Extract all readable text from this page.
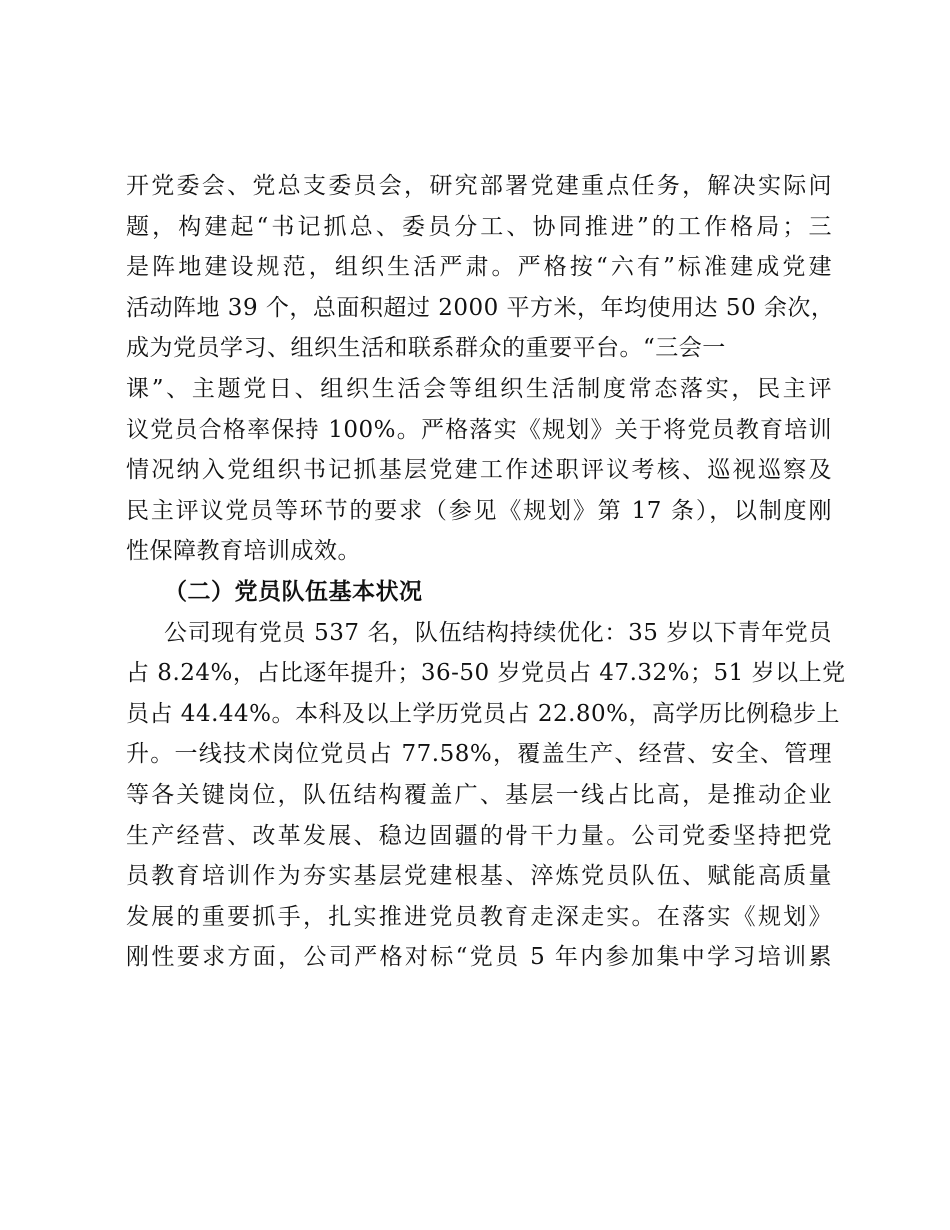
开党委会、党总支委员会，研究部署党建重点任务，解决实际问
题，构建起“书记抓总、委员分工、协同推进”的工作格局；三
是阵地建设规范，组织生活严肃。严格按“六有”标准建成党建
活动阵地 39 个，总面积超过 2000 平方米，年均使用达 50 余次，
成为党员学习、组织生活和联系群众的重要平台。“三会一
课”、主题党日、组织生活会等组织生活制度常态落实，民主评
议党员合格率保持 100%。严格落实《规划》关于将党员教育培训
情况纳入党组织书记抓基层党建工作述职评议考核、巡视巡察及
民主评议党员等环节的要求（参见《规划》第 17 条），以制度刚
性保障教育培训成效。
（二）党员队伍基本状况
公司现有党员 537 名，队伍结构持续优化：35 岁以下青年党员
占 8.24%，占比逐年提升；36-50 岁党员占 47.32%；51 岁以上党
员占 44.44%。本科及以上学历党员占 22.80%，高学历比例稳步上
升。一线技术岗位党员占 77.58%，覆盖生产、经营、安全、管理
等各关键岗位，队伍结构覆盖广、基层一线占比高，是推动企业
生产经营、改革发展、稳边固疆的骨干力量。公司党委坚持把党
员教育培训作为夯实基层党建根基、淬炼党员队伍、赋能高质量
发展的重要抓手，扎实推进党员教育走深走实。在落实《规划》
刚性要求方面，公司严格对标“党员 5 年内参加集中学习培训累
